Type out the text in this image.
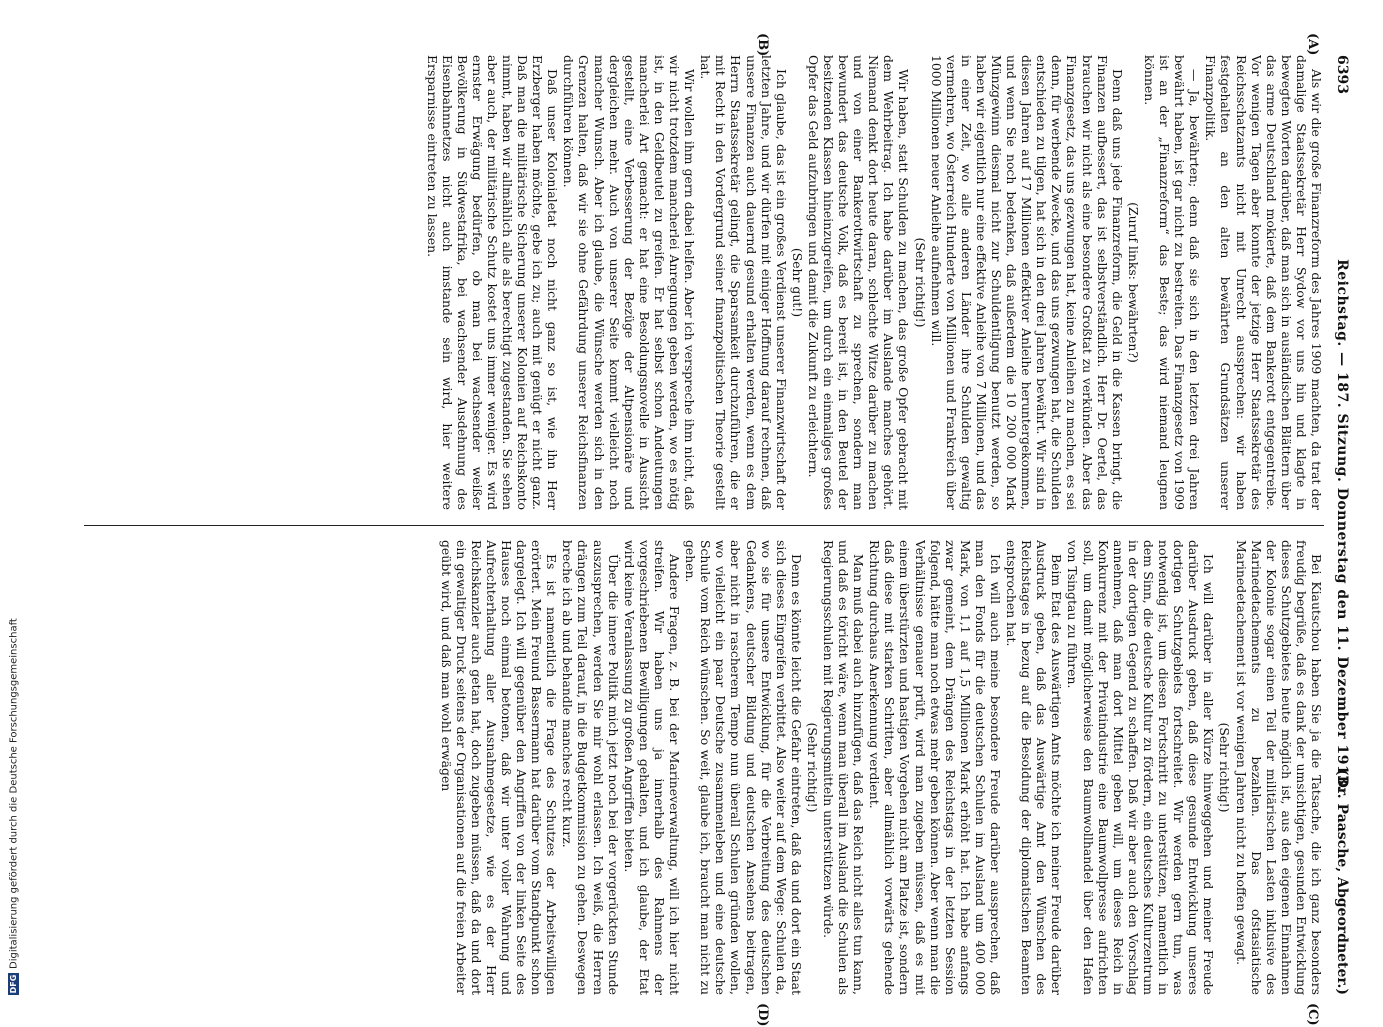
6393
Reichstag. — 187. Sitzung. Donnerstag den 11. Dezember 1913.
(Dr. Paasche, Abgeordneter.)
(A)
(B)
(C)
(D)

Als wir die große Finanzreform des Jahres 1909 machten, da trat der damalige Staatssekretär Herr Sydow vor uns hin und klagte in bewegten Worten darüber, daß man sich in ausländischen Blättern über das arme Deutschland mokierte, daß dem Bankerott entgegentreibe. Vor wenigen Tagen aber konnte der jetzige Herr Staatssekretär des Reichsschatzamts nicht mit Unrecht aussprechen: wir haben festgehalten an den alten bewährten Grundsätzen unserer Finanzpolitik.

— Ja, bewährten; denn daß sie sich in den letzten drei Jahren bewährt haben, ist gar nicht zu bestreiten. Das Finanzgesetz von 1909 ist an der „Finanzreform“ das Beste; das wird niemand leugnen können.

(Zuruf links: bewährten?)

Denn daß uns jede Finanzreform, die Geld in die Kassen bringt, die Finanzen aufbessert, das ist selbstverständlich. Herr Dr. Oertel, das brauchen wir nicht als eine besondere Großtat zu verkünden. Aber das Finanzgesetz, das uns gezwungen hat, keine Anleihen zu machen, es sei denn, für werbende Zwecke, und das uns gezwungen hat, die Schulden entschieden zu tilgen, hat sich in den drei Jahren bewährt. Wir sind in diesen Jahren auf 17 Millionen effektiver Anleihe heruntergekommen, und wenn Sie noch bedenken, daß außerdem die 10 200 000 Mark Münzgewinn diesmal nicht zur Schuldentilgung benutzt werden, so haben wir eigentlich nur eine effektive Anleihe von 7 Millionen, und das in einer Zeit, wo alle anderen Länder ihre Schulden gewaltig vermehren, wo Österreich Hunderte von Millionen und Frankreich über 1000 Millionen neuer Anleihe aufnehmen will.

(Sehr richtig!)

Wir haben, statt Schulden zu machen, das große Opfer gebracht mit dem Wehrbeitrag. Ich habe darüber im Auslande manches gehört. Niemand denkt dort heute daran, schlechte Witze darüber zu machen und von einer Bankerottwirtschaft zu sprechen, sondern man bewundert das deutsche Volk, daß es bereit ist, in den Beutel der besitzenden Klassen hineinzugreifen, um durch ein einmaliges großes Opfer das Geld aufzubringen und damit die Zukunft zu erleichtern.

(Sehr gut!)

Ich glaube, das ist ein großes Verdienst unserer Finanzwirtschaft der letzten Jahre, und wir dürfen mit einiger Hoffnung darauf rechnen, daß unsere Finanzen auch dauernd gesund erhalten werden, wenn es dem Herrn Staatssekretär gelingt, die Sparsamkeit durchzuführen, die er mit Recht in den Vordergrund seiner finanzpolitischen Theorie gestellt hat.

Wir wollen ihm gern dabei helfen. Aber ich verspreche ihm nicht, daß wir nicht trotzdem mancherlei Anregungen geben werden, wo es nötig ist, in den Geldbeutel zu greifen. Er hat selbst schon Andeutungen mancherlei Art gemacht: er hat eine Besoldungsnovelle in Aussicht gestellt, eine Verbesserung der Bezüge der Altpensionäre und dergleichen mehr. Auch von unserer Seite kommt vielleicht noch mancher Wunsch. Aber ich glaube, die Wünsche werden sich in den Grenzen halten, daß wir sie ohne Gefährdung unserer Reichsfinanzen durchführen können.

Daß unser Kolonialetat noch nicht ganz so ist, wie ihn Herr Erzberger haben möchte, gebe ich zu; auch mit genügt er nicht ganz. Daß man die militärische Sicherung unserer Kolonien auf Reichskonto nimmt, haben wir allmählich alle als berechtigt zugestanden. Sie sehen aber auch, der militärische Schutz kostet uns immer weniger. Es wird ernster Erwägung bedürfen, ob man bei wachsender weißer Bevölkerung in Südwestafrika, bei wachsender Ausdehnung des Eisenbahnnetzes nicht auch imstande sein wird, hier weitere Ersparnisse eintreten zu lassen.

Bei Kiautschou haben Sie ja die Tatsache, die ich ganz besonders freudig begrüße, daß es dank der umsichtigen, gesunden Entwicklung dieses Schutzgebietes heute möglich ist, aus den eigenen Einnahmen der Kolonie sogar einen Teil der militärischen Lasten inklusive des Marinedetachements zu bezahlen. Das ofstasiatische Marinedetachement ist vor wenigen Jahren nicht zu hoffen gewagt.

(Sehr richtig!)

Ich will darüber in aller Kürze hinweggehen und meiner Freude darüber Ausdruck geben, daß diese gesunde Entwicklung unseres dortigen Schutzgebiets fortschreitet. Wir werden gern tun, was notwendig ist, um diesen Fortschritt zu unterstützen, namentlich in dem Sinn, die deutsche Kultur zu fördern, ein deutsches Kulturzentrum in der dortigen Gegend zu schaffen. Daß wir aber auch den Vorschlag annehmen, daß man dort Mittel geben will, um dieses Reich in Konkurrenz mit der Privatindustrie eine Baumwollpresse aufrichten soll, um damit möglicherweise den Baumwollhandel über den Hafen von Tsingtau zu führen.

Beim Etat des Auswärtigen Amts möchte ich meiner Freude darüber Ausdruck geben, daß das Auswärtige Amt den Wünschen des Reichstages in bezug auf die Besoldung der diplomatischen Beamten entsprochen hat.

Ich will auch meine besondere Freude darüber aussprechen, daß man den Fonds für die deutschen Schulen im Ausland um 400 000 Mark, von 1,1 auf 1,5 Millionen Mark erhöht hat. Ich habe anfangs zwar gemeint, dem Drängen des Reichstags in der letzten Session folgend, hätte man noch etwas mehr geben können. Aber wenn man die Verhältnisse genauer prüft, wird man zugeben müssen, daß es mit einem überstürzten und hastigen Vorgehen nicht am Platze ist, sondern daß diese mit starken Schritten, aber allmählich vorwärts gehende Richtung durchaus Anerkennung verdient.

Man muß dabei auch hinzufügen, daß das Reich nicht alles tun kann, und daß es töricht wäre, wenn man überall im Ausland die Schulen als Regierungsschulen mit Regierungsmitteln unterstützen würde.

(Sehr richtig!)

Denn es könnte leicht die Gefahr eintreten, daß da und dort ein Staat sich dieses Eingreifen verbittet. Also weiter auf dem Wege: Schulen da, wo sie für unsere Entwicklung, für die Verbreitung des deutschen Gedankens, deutscher Bildung und deutschen Ansehens beitragen, aber nicht in rascherem Tempo nun überall Schulen gründen wollen, wo vielleicht ein paar Deutsche zusammenleben und eine deutsche Schule vom Reich wünschen. So weit, glaube ich, braucht man nicht zu gehen.

Andere Fragen, z. B. bei der Marineverwaltung, will ich hier nicht streifen. Wir haben uns ja innerhalb des Rahmens der vorgeschriebenen Bewilligungen gehalten, und ich glaube, der Etat wird keine Veranlassung zu großen Angriffen bieten.

Über die innere Politik mich jetzt noch bei der vorgerückten Stunde auszusprechen, werden Sie mir wohl erlassen. Ich weiß, die Herren drängen zum Teil darauf, in die Budgetkommission zu gehen. Deswegen breche ich ab und behandle manches recht kurz.

Es ist namentlich die Frage des Schutzes der Arbeitswilligen erörtert. Mein Freund Bassermann hat darüber vom Standpunkt schon dargelegt. Ich will gegenüber den Angriffen von der linken Seite des Hauses noch einmal betonen, daß wir unter voller Wahrung und Aufrechterhaltung aller Ausnahmegesetze, wie es der Herr Reichskanzler auch getan hat, doch zugeben müssen, daß da und dort ein gewaltiger Druck seitens der Organisationen auf die freien Arbeiter geübt wird, und daß man wohl erwägen

DFGDigitalisierung gefördert durch die Deutsche Forschungsgemeinschaft
